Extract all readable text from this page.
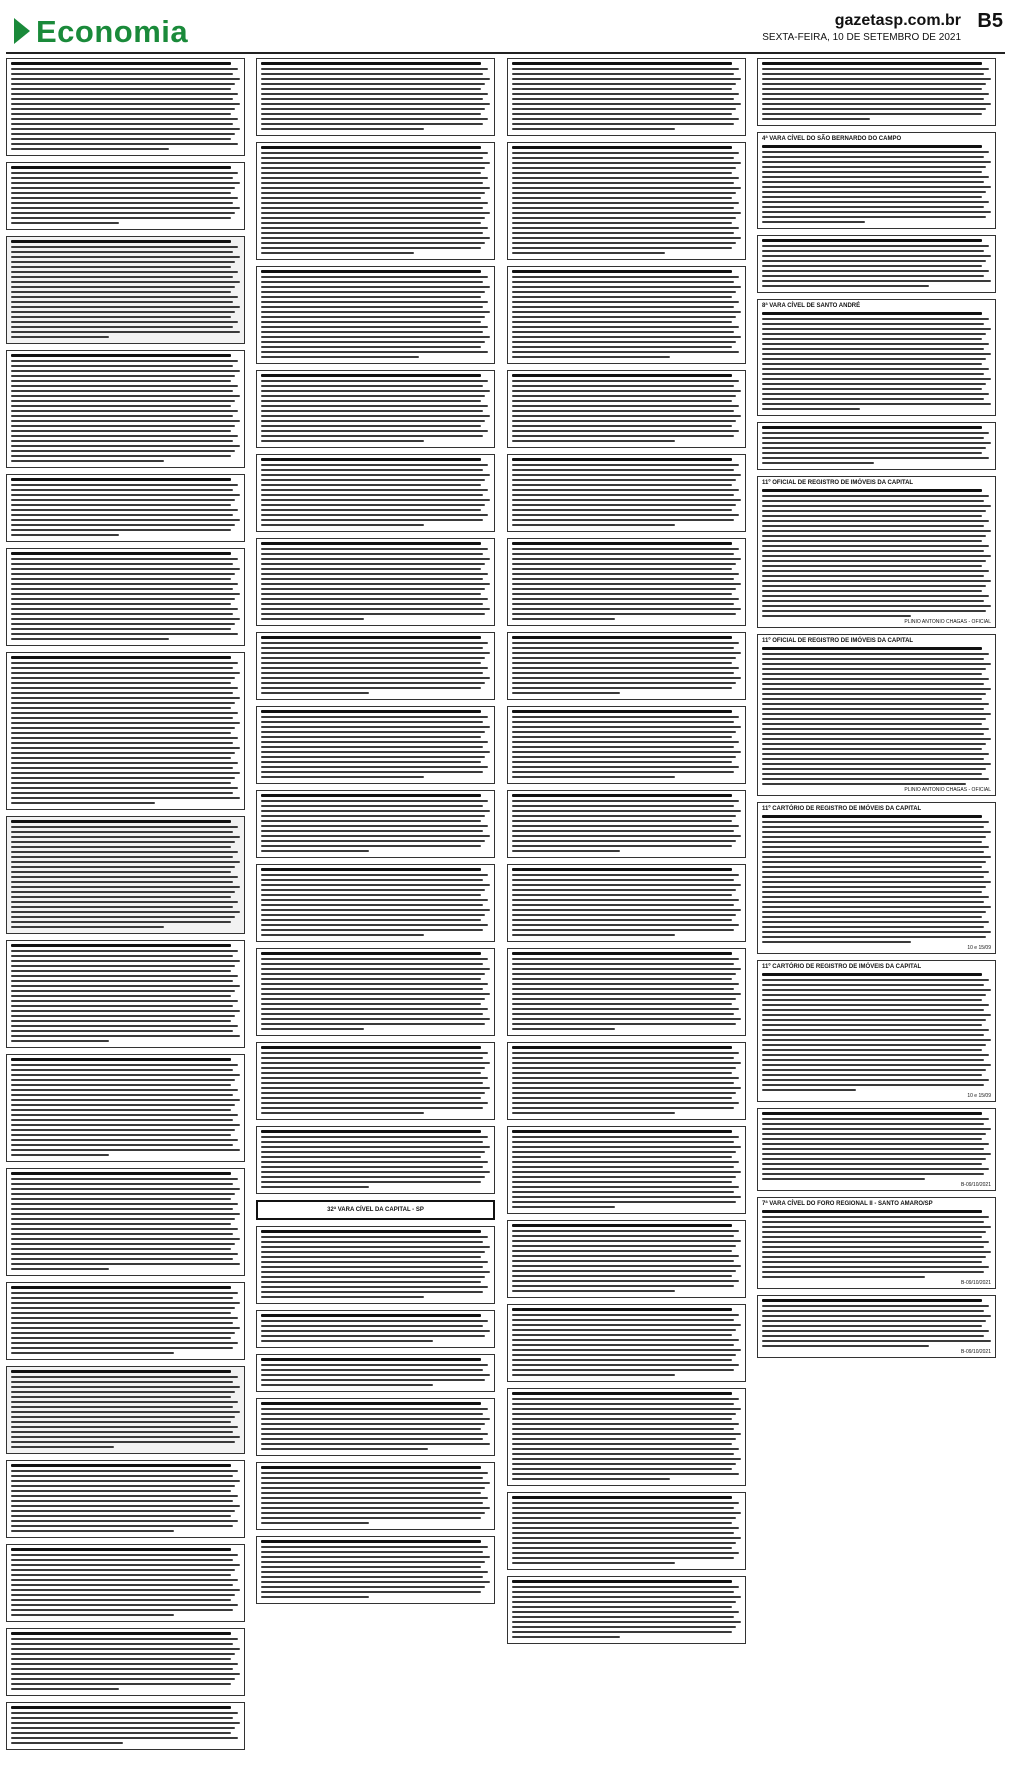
Economia	gazetasp.com.br
SEXTA-FEIRA, 10 DE SETEMBRO DE 2021
B5
32ª VARA CÍVEL DA CAPITAL - SP
4ª VARA CÍVEL DO SÃO BERNARDO DO CAMPO
8ª VARA CÍVEL DE SANTO ANDRÉ
11º OFICIAL DE REGISTRO DE IMÓVEIS DA CAPITAL
PLINIO ANTONIO CHAGAS - OFICIAL
11º OFICIAL DE REGISTRO DE IMÓVEIS DA CAPITAL
PLINIO ANTONIO CHAGAS - OFICIAL
11º CARTÓRIO DE REGISTRO DE IMÓVEIS DA CAPITAL
10 e 15/09
11º CARTÓRIO DE REGISTRO DE IMÓVEIS DA CAPITAL
10 e 15/09
B-09/10/2021
7ª VARA CÍVEL DO FORO REGIONAL II - SANTO AMARO/SP
B-09/10/2021
B-09/10/2021
